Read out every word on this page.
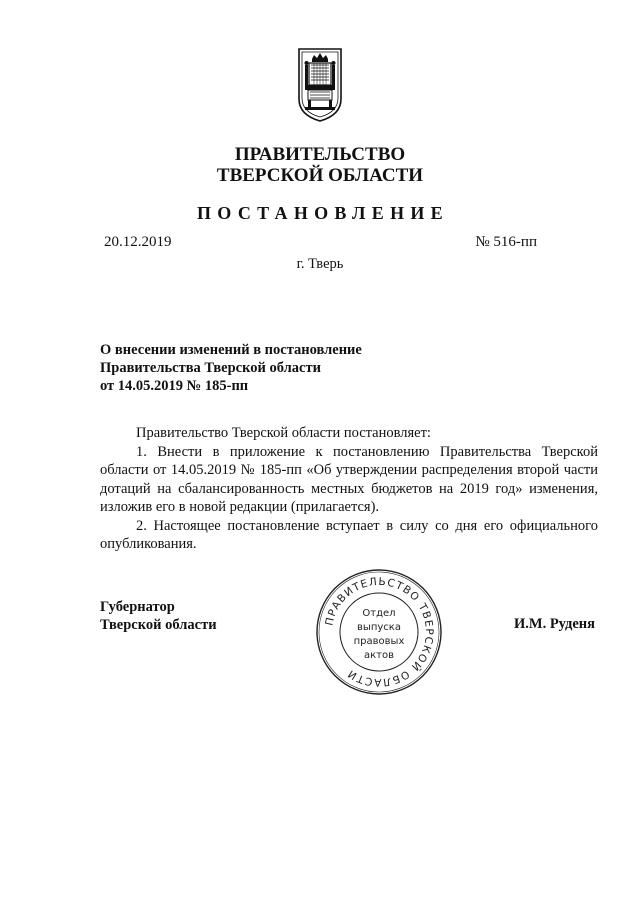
ПРАВИТЕЛЬСТВО
ТВЕРСКОЙ ОБЛАСТИ
ПОСТАНОВЛЕНИЕ
20.12.2019	№ 516-пп
г. Тверь
О внесении изменений в постановление
Правительства Тверской области
от 14.05.2019 № 185-пп

Правительство Тверской области постановляет:

1. Внести в приложение к постановлению Правительства Тверской области от 14.05.2019 № 185-пп «Об утверждении распределения второй части дотаций на сбалансированность местных бюджетов на 2019 год» изменения, изложив его в новой редакции (прилагается).

2. Настоящее постановление вступает в силу со дня его официального опубликования.

Губернатор
Тверской области	И.М. Руденя
ПРАВИТЕЛЬСТВО ТВЕРСКОЙ ОБЛАСТИ
Отдел
выпуска
правовых
актов
